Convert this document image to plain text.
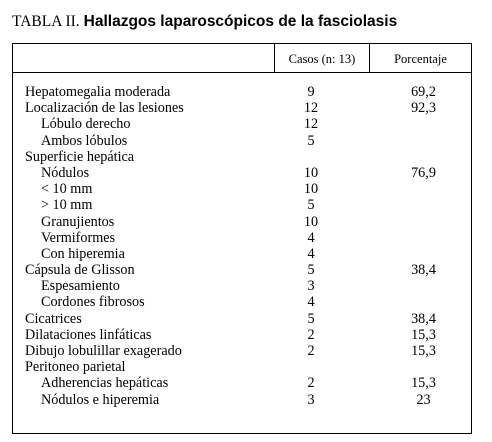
TABLA II. Hallazgos laparoscópicos de la fasciolasis
Casos (n: 13)	Porcentaje
Hepatomegalia moderada	9	69,2
Localización de las lesiones	12	92,3
Lóbulo derecho	12
Ambos lóbulos	5
Superficie hepática
Nódulos	10	76,9
< 10 mm	10
> 10 mm	5
Granujientos	10
Vermiformes	4
Con hiperemia	4
Cápsula de Glisson	5	38,4
Espesamiento	3
Cordones fibrosos	4
Cicatrices	5	38,4
Dilataciones linfáticas	2	15,3
Dibujo lobulillar exagerado	2	15,3
Peritoneo parietal
Adherencias hepáticas	2	15,3
Nódulos e hiperemia	3	23
